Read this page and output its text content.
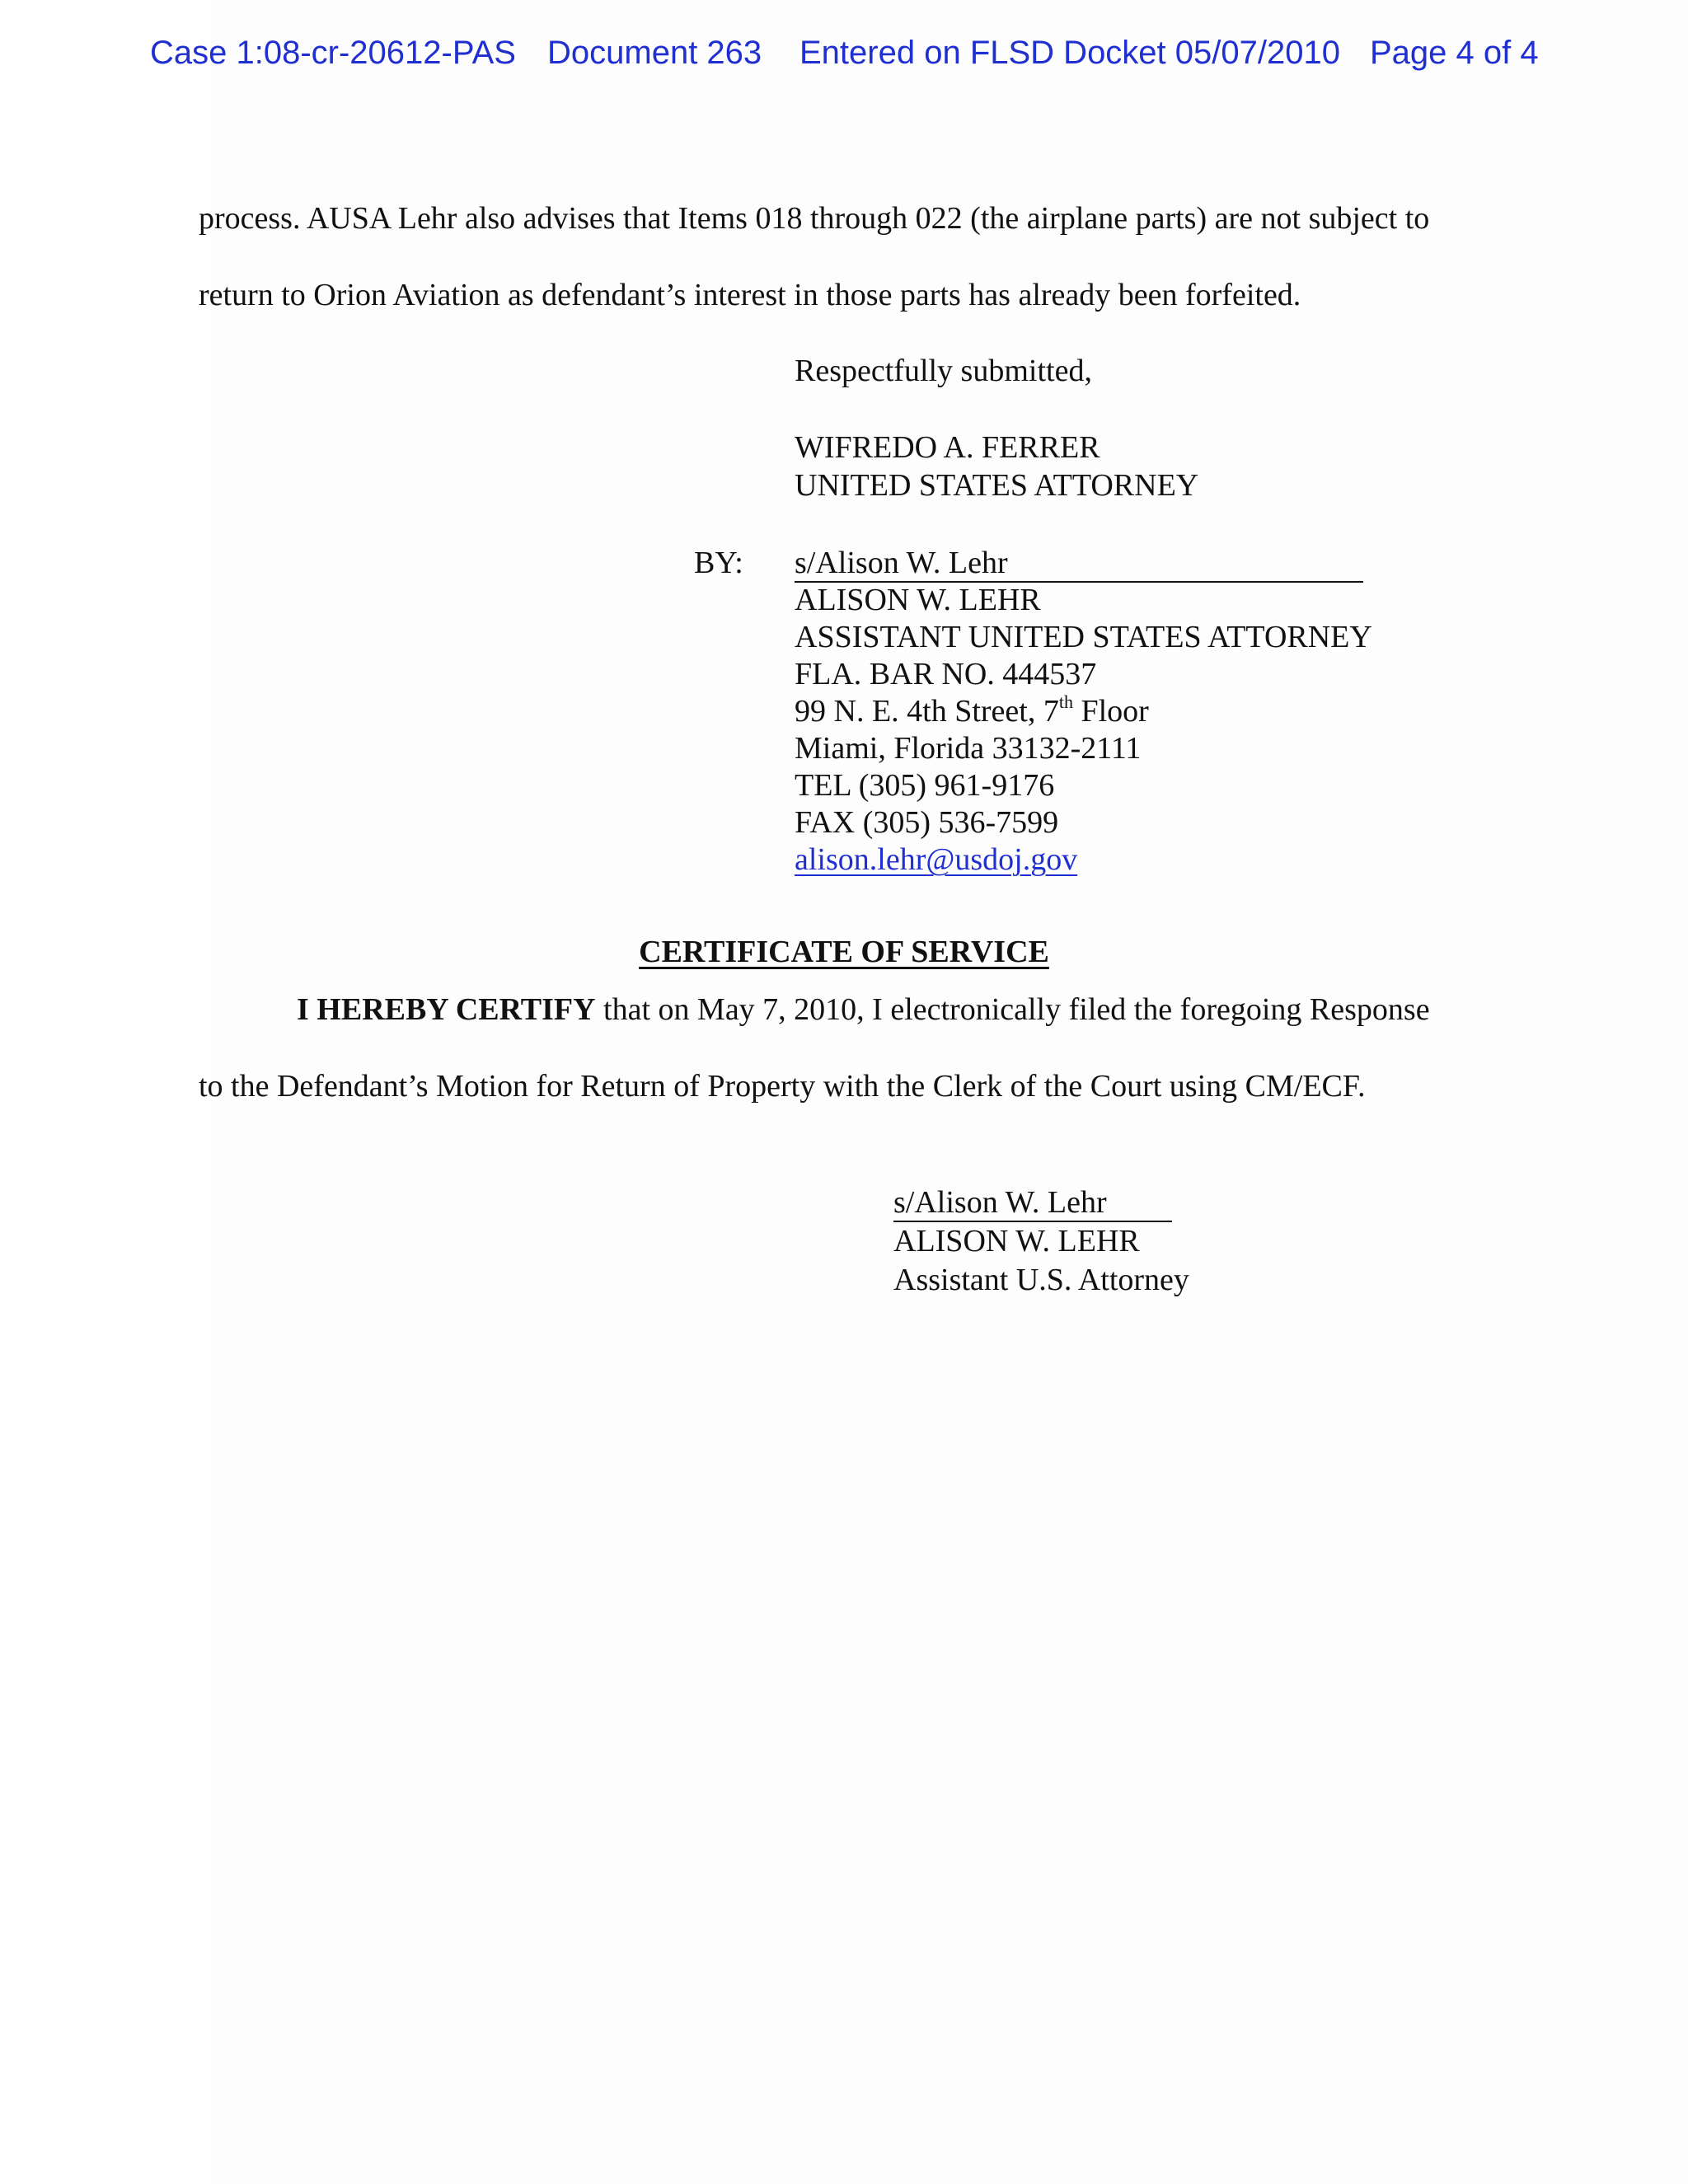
Case 1:08-cr-20612-PAS Document 263 Entered on FLSD Docket 05/07/2010 Page 4 of 4
process. AUSA Lehr also advises that Items 018 through 022 (the airplane parts) are not subject to
return to Orion Aviation as defendant’s interest in those parts has already been forfeited.
Respectfully submitted,
WIFREDO A. FERRER
UNITED STATES ATTORNEY
BY: s/Alison W. Lehr
ALISON W. LEHR
ASSISTANT UNITED STATES ATTORNEY
FLA. BAR NO. 444537
99 N. E. 4th Street, 7th Floor
Miami, Florida 33132-2111
TEL (305) 961-9176
FAX (305) 536-7599
alison.lehr@usdoj.gov
CERTIFICATE OF SERVICE
I HEREBY CERTIFY that on May 7, 2010, I electronically filed the foregoing Response
to the Defendant’s Motion for Return of Property with the Clerk of the Court using CM/ECF.
s/Alison W. Lehr
ALISON W. LEHR
Assistant U.S. Attorney
